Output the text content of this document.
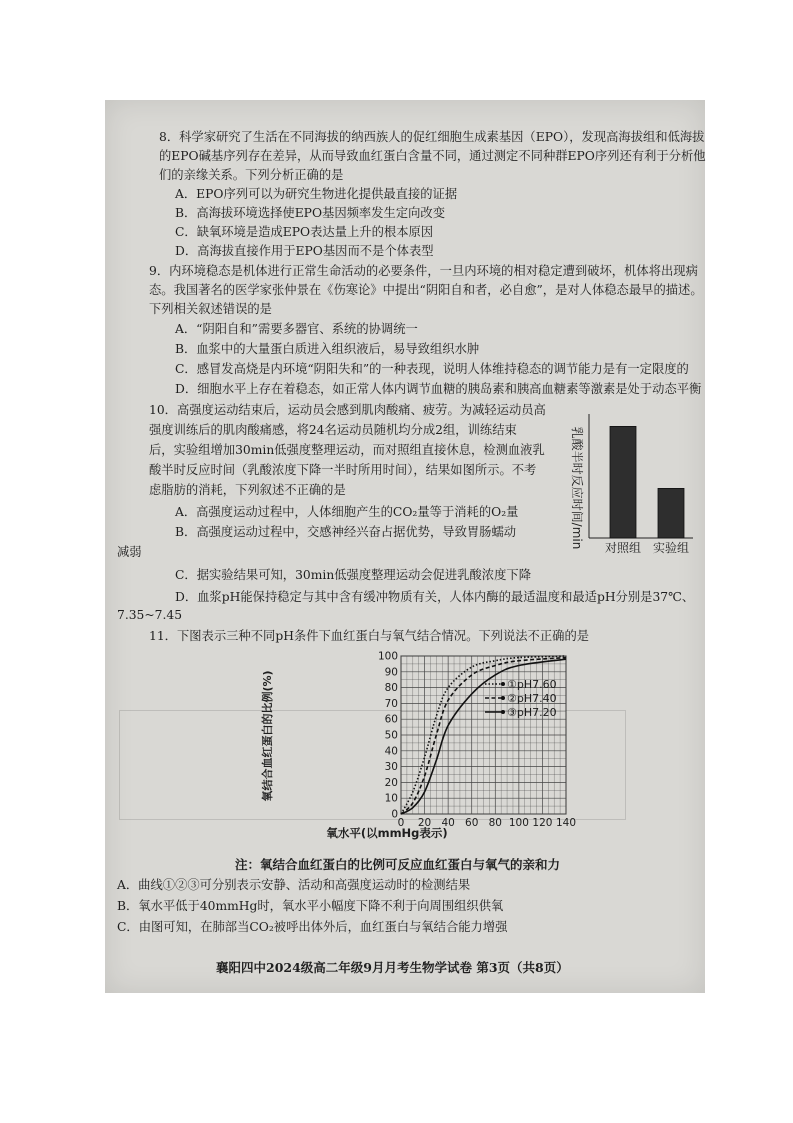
8．科学家研究了生活在不同海拔的纳西族人的促红细胞生成素基因（EPO），发现高海拔组和低海拔
的EPO碱基序列存在差异，从而导致血红蛋白含量不同，通过测定不同种群EPO序列还有利于分析他
们的亲缘关系。下列分析正确的是
A．EPO序列可以为研究生物进化提供最直接的证据
B．高海拔环境选择使EPO基因频率发生定向改变
C．缺氧环境是造成EPO表达量上升的根本原因
D．高海拔直接作用于EPO基因而不是个体表型
9．内环境稳态是机体进行正常生命活动的必要条件，一旦内环境的相对稳定遭到破坏，机体将出现病
态。我国著名的医学家张仲景在《伤寒论》中提出“阴阳自和者，必自愈”，是对人体稳态最早的描述。
下列相关叙述错误的是
A．“阴阳自和”需要多器官、系统的协调统一
B．血浆中的大量蛋白质进入组织液后，易导致组织水肿
C．感冒发高烧是内环境“阴阳失和”的一种表现，说明人体维持稳态的调节能力是有一定限度的
D．细胞水平上存在着稳态，如正常人体内调节血糖的胰岛素和胰高血糖素等激素是处于动态平衡
10．高强度运动结束后，运动员会感到肌肉酸痛、疲劳。为减轻运动员高
强度训练后的肌肉酸痛感，将24名运动员随机均分成2组，训练结束
后，实验组增加30min低强度整理运动，而对照组直接休息，检测血液乳
酸半时反应时间（乳酸浓度下降一半时所用时间），结果如图所示。不考
虑脂肪的消耗，下列叙述不正确的是
A．高强度运动过程中，人体细胞产生的CO₂量等于消耗的O₂量
B．高强度运动过程中，交感神经兴奋占据优势，导致胃肠蠕动
减弱
C．据实验结果可知，30min低强度整理运动会促进乳酸浓度下降
D．血浆pH能保持稳定与其中含有缓冲物质有关，人体内酶的最适温度和最适pH分别是37℃、
7.35~7.45
乳酸半时反应时间/min 对照组 实验组
11．下图表示三种不同pH条件下血红蛋白与氧气结合情况。下列说法不正确的是
氧结合血红蛋白的比例(%)
氧水平(以mmHg表示)
0 20 40 60 80 100 120 140
0
10
20
30
40
50
60
70
80
90
100
①pH7.60
②pH7.40
③pH7.20
注：氧结合血红蛋白的比例可反应血红蛋白与氧气的亲和力
A．曲线①②③可分别表示安静、活动和高强度运动时的检测结果
B．氧水平低于40mmHg时，氧水平小幅度下降不利于向周围组织供氧
C．由图可知，在肺部当CO₂被呼出体外后，血红蛋白与氧结合能力增强
襄阳四中2024级高二年级9月月考生物学试卷 第3页（共8页）
